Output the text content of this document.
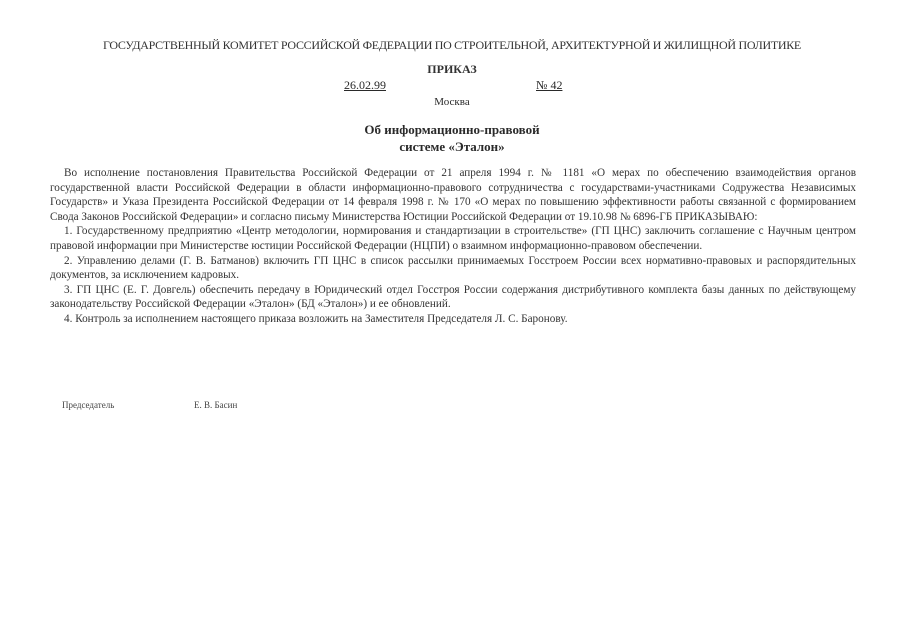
ГОСУДАРСТВЕННЫЙ КОМИТЕТ РОССИЙСКОЙ ФЕДЕРАЦИИ ПО СТРОИТЕЛЬНОЙ, АРХИТЕКТУРНОЙ И ЖИЛИЩНОЙ ПОЛИТИКЕ
ПРИКАЗ
26.02.99	№ 42
Москва
Об информационно-правовой
системе «Эталон»

Во исполнение постановления Правительства Российской Федерации от 21 апреля 1994 г. № 1181 «О мерах по обеспечению взаимодействия органов государственной власти Российской Федерации в области информационно-правового сотрудничества с государствами-участниками Содружества Независимых Государств» и Указа Президента Российской Федерации от 14 февраля 1998 г. № 170 «О мерах по повышению эффективности работы связанной с формированием Свода Законов Российской Федерации» и согласно письму Министерства Юстиции Российской Федерации от 19.10.98 № 6896-ГБ ПРИКАЗЫВАЮ:

1. Государственному предприятию «Центр методологии, нормирования и стандартизации в строительстве» (ГП ЦНС) заключить соглашение с Научным центром правовой информации при Министерстве юстиции Российской Федерации (НЦПИ) о взаимном информационно-правовом обеспечении.

2. Управлению делами (Г. В. Батманов) включить ГП ЦНС в список рассылки принимаемых Госстроем России всех нормативно-правовых и распорядительных документов, за исключением кадровых.

3. ГП ЦНС (Е. Г. Довгель) обеспечить передачу в Юридический отдел Госстроя России содержания дистрибутивного комплекта базы данных по действующему законодательству Российской Федерации «Эталон» (БД «Эталон») и ее обновлений.

4. Контроль за исполнением настоящего приказа возложить на Заместителя Председателя Л. С. Баронову.

Председатель	Е. В. Басин
